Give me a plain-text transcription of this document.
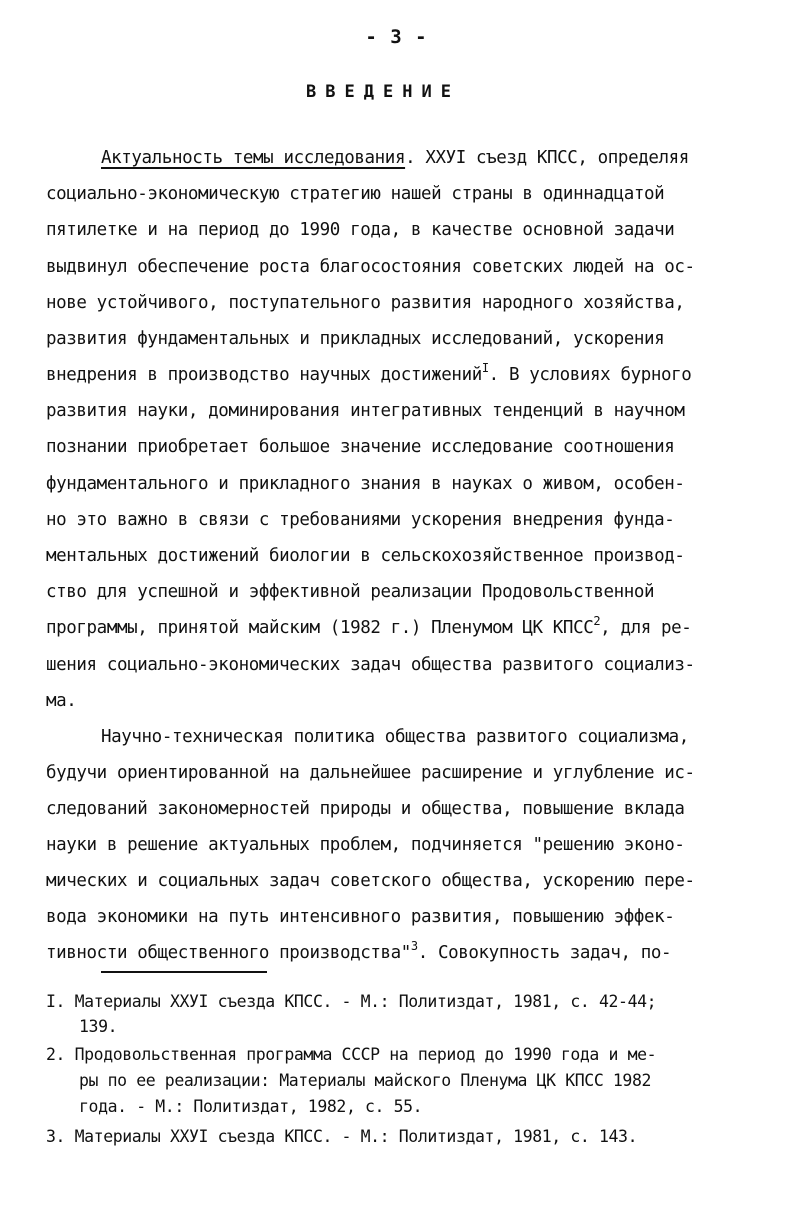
- 3 -
ВВЕДЕНИЕ
Актуальность темы исследования. ХХУI съезд КПСС, определяя
социально-экономическую стратегию нашей страны в одиннадцатой
пятилетке и на период до 1990 года, в качестве основной задачи
выдвинул обеспечение роста благосостояния советских людей на ос-
нове устойчивого, поступательного развития народного хозяйства,
развития фундаментальных и прикладных исследований, ускорения
внедрения в производство научных достижений$^I$. В условиях бурного
развития науки, доминирования интегративных тенденций в научном
познании приобретает большое значение исследование соотношения
фундаментального и прикладного знания в науках о живом, особен-
но это важно в связи с требованиями ускорения внедрения фунда-
ментальных достижений биологии в сельскохозяйственное производ-
ство для успешной и эффективной реализации Продовольственной
программы, принятой майским (1982 г.) Пленумом ЦК КПСС$^2$, для ре-
шения социально-экономических задач общества развитого социализ-
ма.
Научно-техническая политика общества развитого социализма,
будучи ориентированной на дальнейшее расширение и углубление ис-
следований закономерностей природы и общества, повышение вклада
науки в решение актуальных проблем, подчиняется "решению эконо-
мических и социальных задач советского общества, ускорению пере-
вода экономики на путь интенсивного развития, повышению эффек-
тивности общественного производства"$^3$. Совокупность задач, по-
I. Материалы ХХУI съезда КПСС. - М.: Политиздат, 1981, с. 42-44;
139.
2. Продовольственная программа СССР на период до 1990 года и ме-
ры по ее реализации: Материалы майского Пленума ЦК КПСС 1982
года. - М.: Политиздат, 1982, с. 55.
3. Материалы ХХУI съезда КПСС. - М.: Политиздат, 1981, с. 143.
